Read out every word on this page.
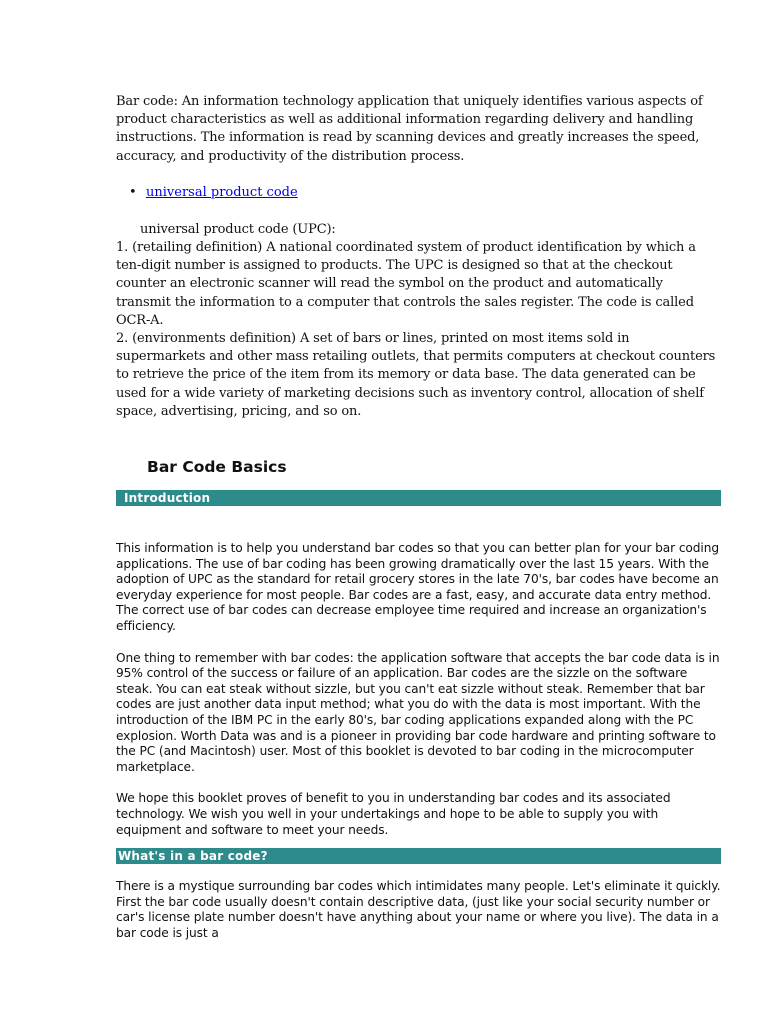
Bar code: An information technology application that uniquely identifies various aspects of product characteristics as well as additional information regarding delivery and handling instructions. The information is read by scanning devices and greatly increases the speed, accuracy, and productivity of the distribution process.

• universal product code

universal product code (UPC):

1. (retailing definition) A national coordinated system of product identification by which a ten-digit number is assigned to products. The UPC is designed so that at the checkout counter an electronic scanner will read the symbol on the product and automatically transmit the information to a computer that controls the sales register. The code is called OCR-A.

2. (environments definition) A set of bars or lines, printed on most items sold in supermarkets and other mass retailing outlets, that permits computers at checkout counters to retrieve the price of the item from its memory or data base. The data generated can be used for a wide variety of marketing decisions such as inventory control, allocation of shelf space, advertising, pricing, and so on.

Bar Code Basics
Introduction

This information is to help you understand bar codes so that you can better plan for your bar coding applications. The use of bar coding has been growing dramatically over the last 15 years. With the adoption of UPC as the standard for retail grocery stores in the late 70's, bar codes have become an everyday experience for most people. Bar codes are a fast, easy, and accurate data entry method. The correct use of bar codes can decrease employee time required and increase an organization's efficiency.

One thing to remember with bar codes: the application software that accepts the bar code data is in 95% control of the success or failure of an application. Bar codes are the sizzle on the software steak. You can eat steak without sizzle, but you can't eat sizzle without steak. Remember that bar codes are just another data input method; what you do with the data is most important. With the introduction of the IBM PC in the early 80's, bar coding applications expanded along with the PC explosion. Worth Data was and is a pioneer in providing bar code hardware and printing software to the PC (and Macintosh) user. Most of this booklet is devoted to bar coding in the microcomputer marketplace.

We hope this booklet proves of benefit to you in understanding bar codes and its associated technology. We wish you well in your undertakings and hope to be able to supply you with equipment and software to meet your needs.

What's in a bar code?

There is a mystique surrounding bar codes which intimidates many people. Let's eliminate it quickly. First the bar code usually doesn't contain descriptive data, (just like your social security number or car's license plate number doesn't have anything about your name or where you live). The data in a bar code is just a
